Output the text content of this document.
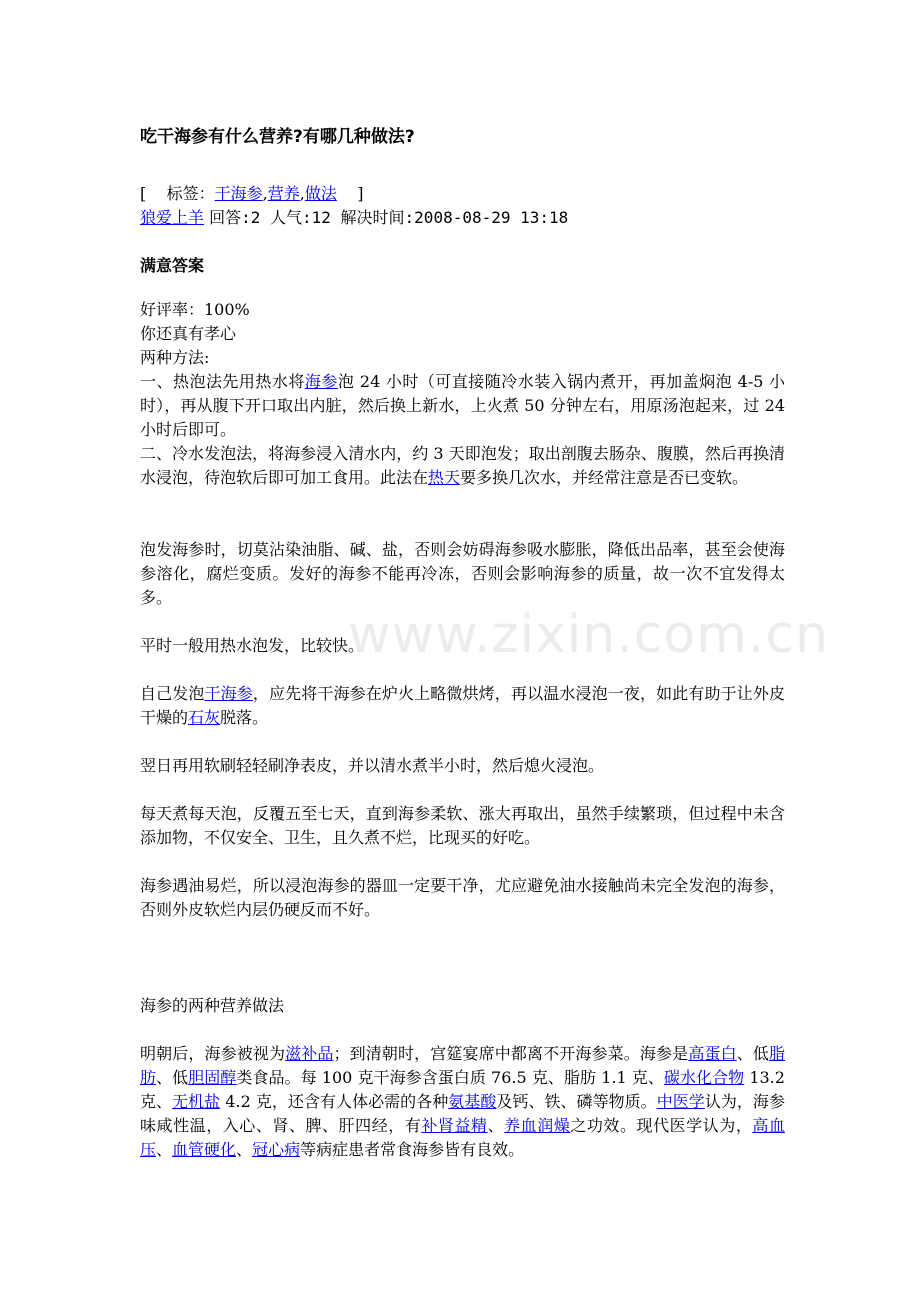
www.zixin.com.cn
吃干海参有什么营养?有哪几种做法?
[ 标签：干海参,营养,做法 ]
狼爱上羊 回答:2 人气:12 解决时间:2008-08-29 13:18
满意答案
好评率：100%
你还真有孝心
两种方法:
一、热泡法先用热水将海参泡 24 小时（可直接随冷水装入锅内煮开，再加盖焖泡 4-5 小时），再从腹下开口取出内脏，然后换上新水，上火煮 50 分钟左右，用原汤泡起来，过 24 小时后即可。
二、冷水发泡法，将海参浸入清水内，约 3 天即泡发；取出剖腹去肠杂、腹膜，然后再换清水浸泡，待泡软后即可加工食用。此法在热天要多换几次水，并经常注意是否已变软。

泡发海参时，切莫沾染油脂、碱、盐，否则会妨碍海参吸水膨胀，降低出品率，甚至会使海参溶化，腐烂变质。发好的海参不能再冷冻，否则会影响海参的质量，故一次不宜发得太多。

平时一般用热水泡发，比较快。

自己发泡干海参，应先将干海参在炉火上略微烘烤，再以温水浸泡一夜，如此有助于让外皮干燥的石灰脱落。

翌日再用软刷轻轻刷净表皮，并以清水煮半小时，然后熄火浸泡。

每天煮每天泡，反覆五至七天，直到海参柔软、涨大再取出，虽然手续繁琐，但过程中未含添加物，不仅安全、卫生，且久煮不烂，比现买的好吃。

海参遇油易烂，所以浸泡海参的器皿一定要干净，尤应避免油水接触尚未完全发泡的海参，否则外皮软烂内层仍硬反而不好。

海参的两种营养做法

明朝后，海参被视为滋补品；到清朝时，宫筵宴席中都离不开海参菜。海参是高蛋白、低脂肪、低胆固醇类食品。每 100 克干海参含蛋白质 76.5 克、脂肪 1.1 克、碳水化合物 13.2 克、无机盐 4.2 克，还含有人体必需的各种氨基酸及钙、铁、磷等物质。中医学认为，海参味咸性温，入心、肾、脾、肝四经，有补肾益精、养血润燥之功效。现代医学认为，高血压、血管硬化、冠心病等病症患者常食海参皆有良效。
